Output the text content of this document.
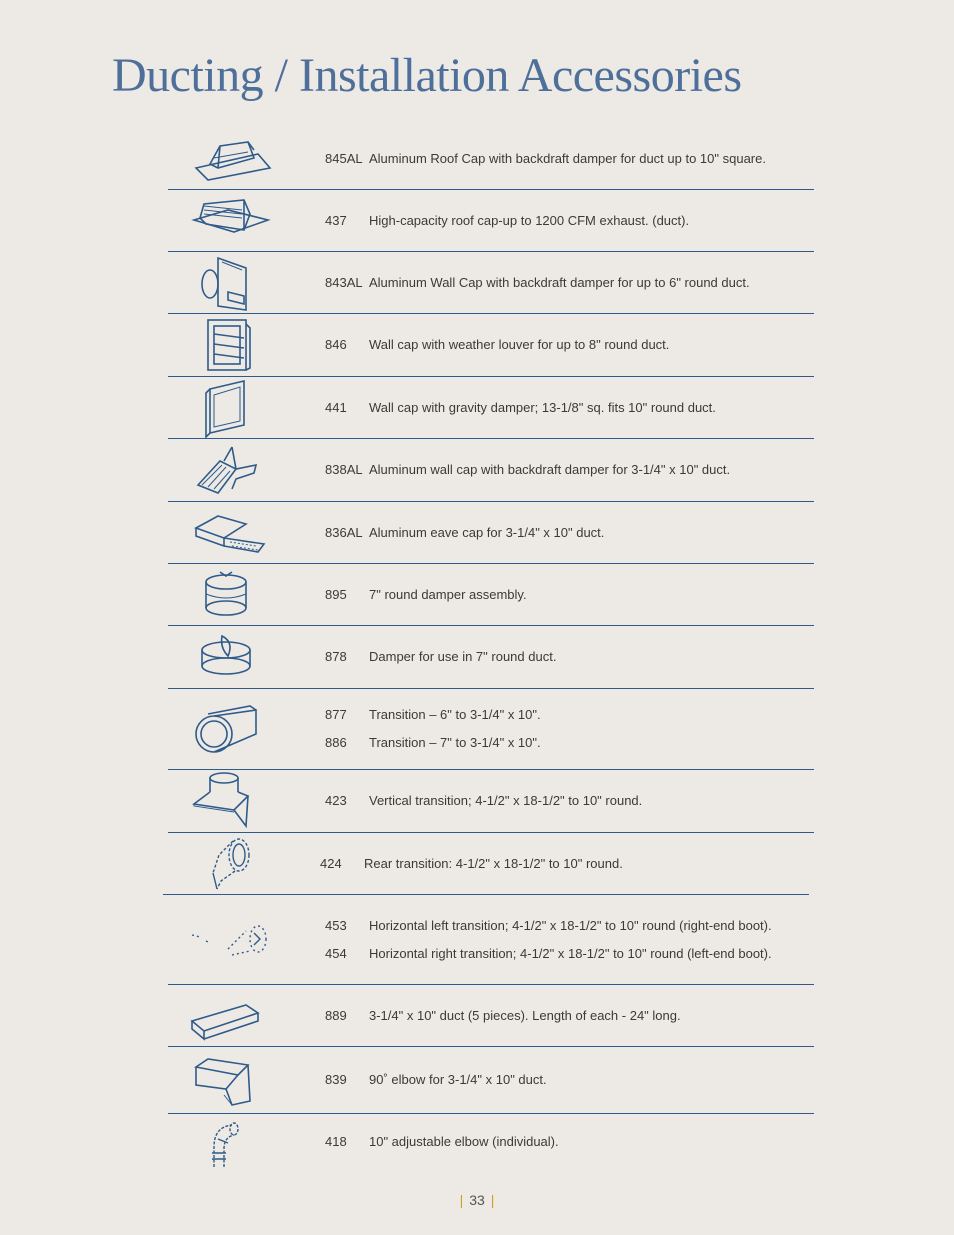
Ducting / Installation Accessories
845AL Aluminum Roof Cap with backdraft damper for duct up to 10" square.
437	High-capacity roof cap-up to 1200 CFM exhaust. (duct).
843AL Aluminum Wall Cap with backdraft damper for up to 6" round duct.
846	Wall cap with weather louver for up to 8" round duct.
441	Wall cap with gravity damper; 13-1/8" sq. fits 10" round duct.
838AL Aluminum wall cap with backdraft damper for 3-1/4" x 10" duct.
836AL Aluminum eave cap for 3-1/4" x 10" duct.
895	7" round damper assembly.
878	Damper for use in 7" round duct.
877	Transition – 6" to 3-1/4" x 10".
886	Transition – 7" to 3-1/4" x 10".
423	Vertical transition; 4-1/2" x 18-1/2" to 10" round.
424	Rear transition: 4-1/2" x 18-1/2" to 10" round.
453	Horizontal left transition; 4-1/2" x 18-1/2" to 10" round (right-end boot).
454	Horizontal right transition; 4-1/2" x 18-1/2" to 10" round (left-end boot).
889	3-1/4" x 10" duct (5 pieces). Length of each - 24" long.
839	90˚ elbow for 3-1/4" x 10" duct.
418	10" adjustable elbow (individual).
| 33 |
